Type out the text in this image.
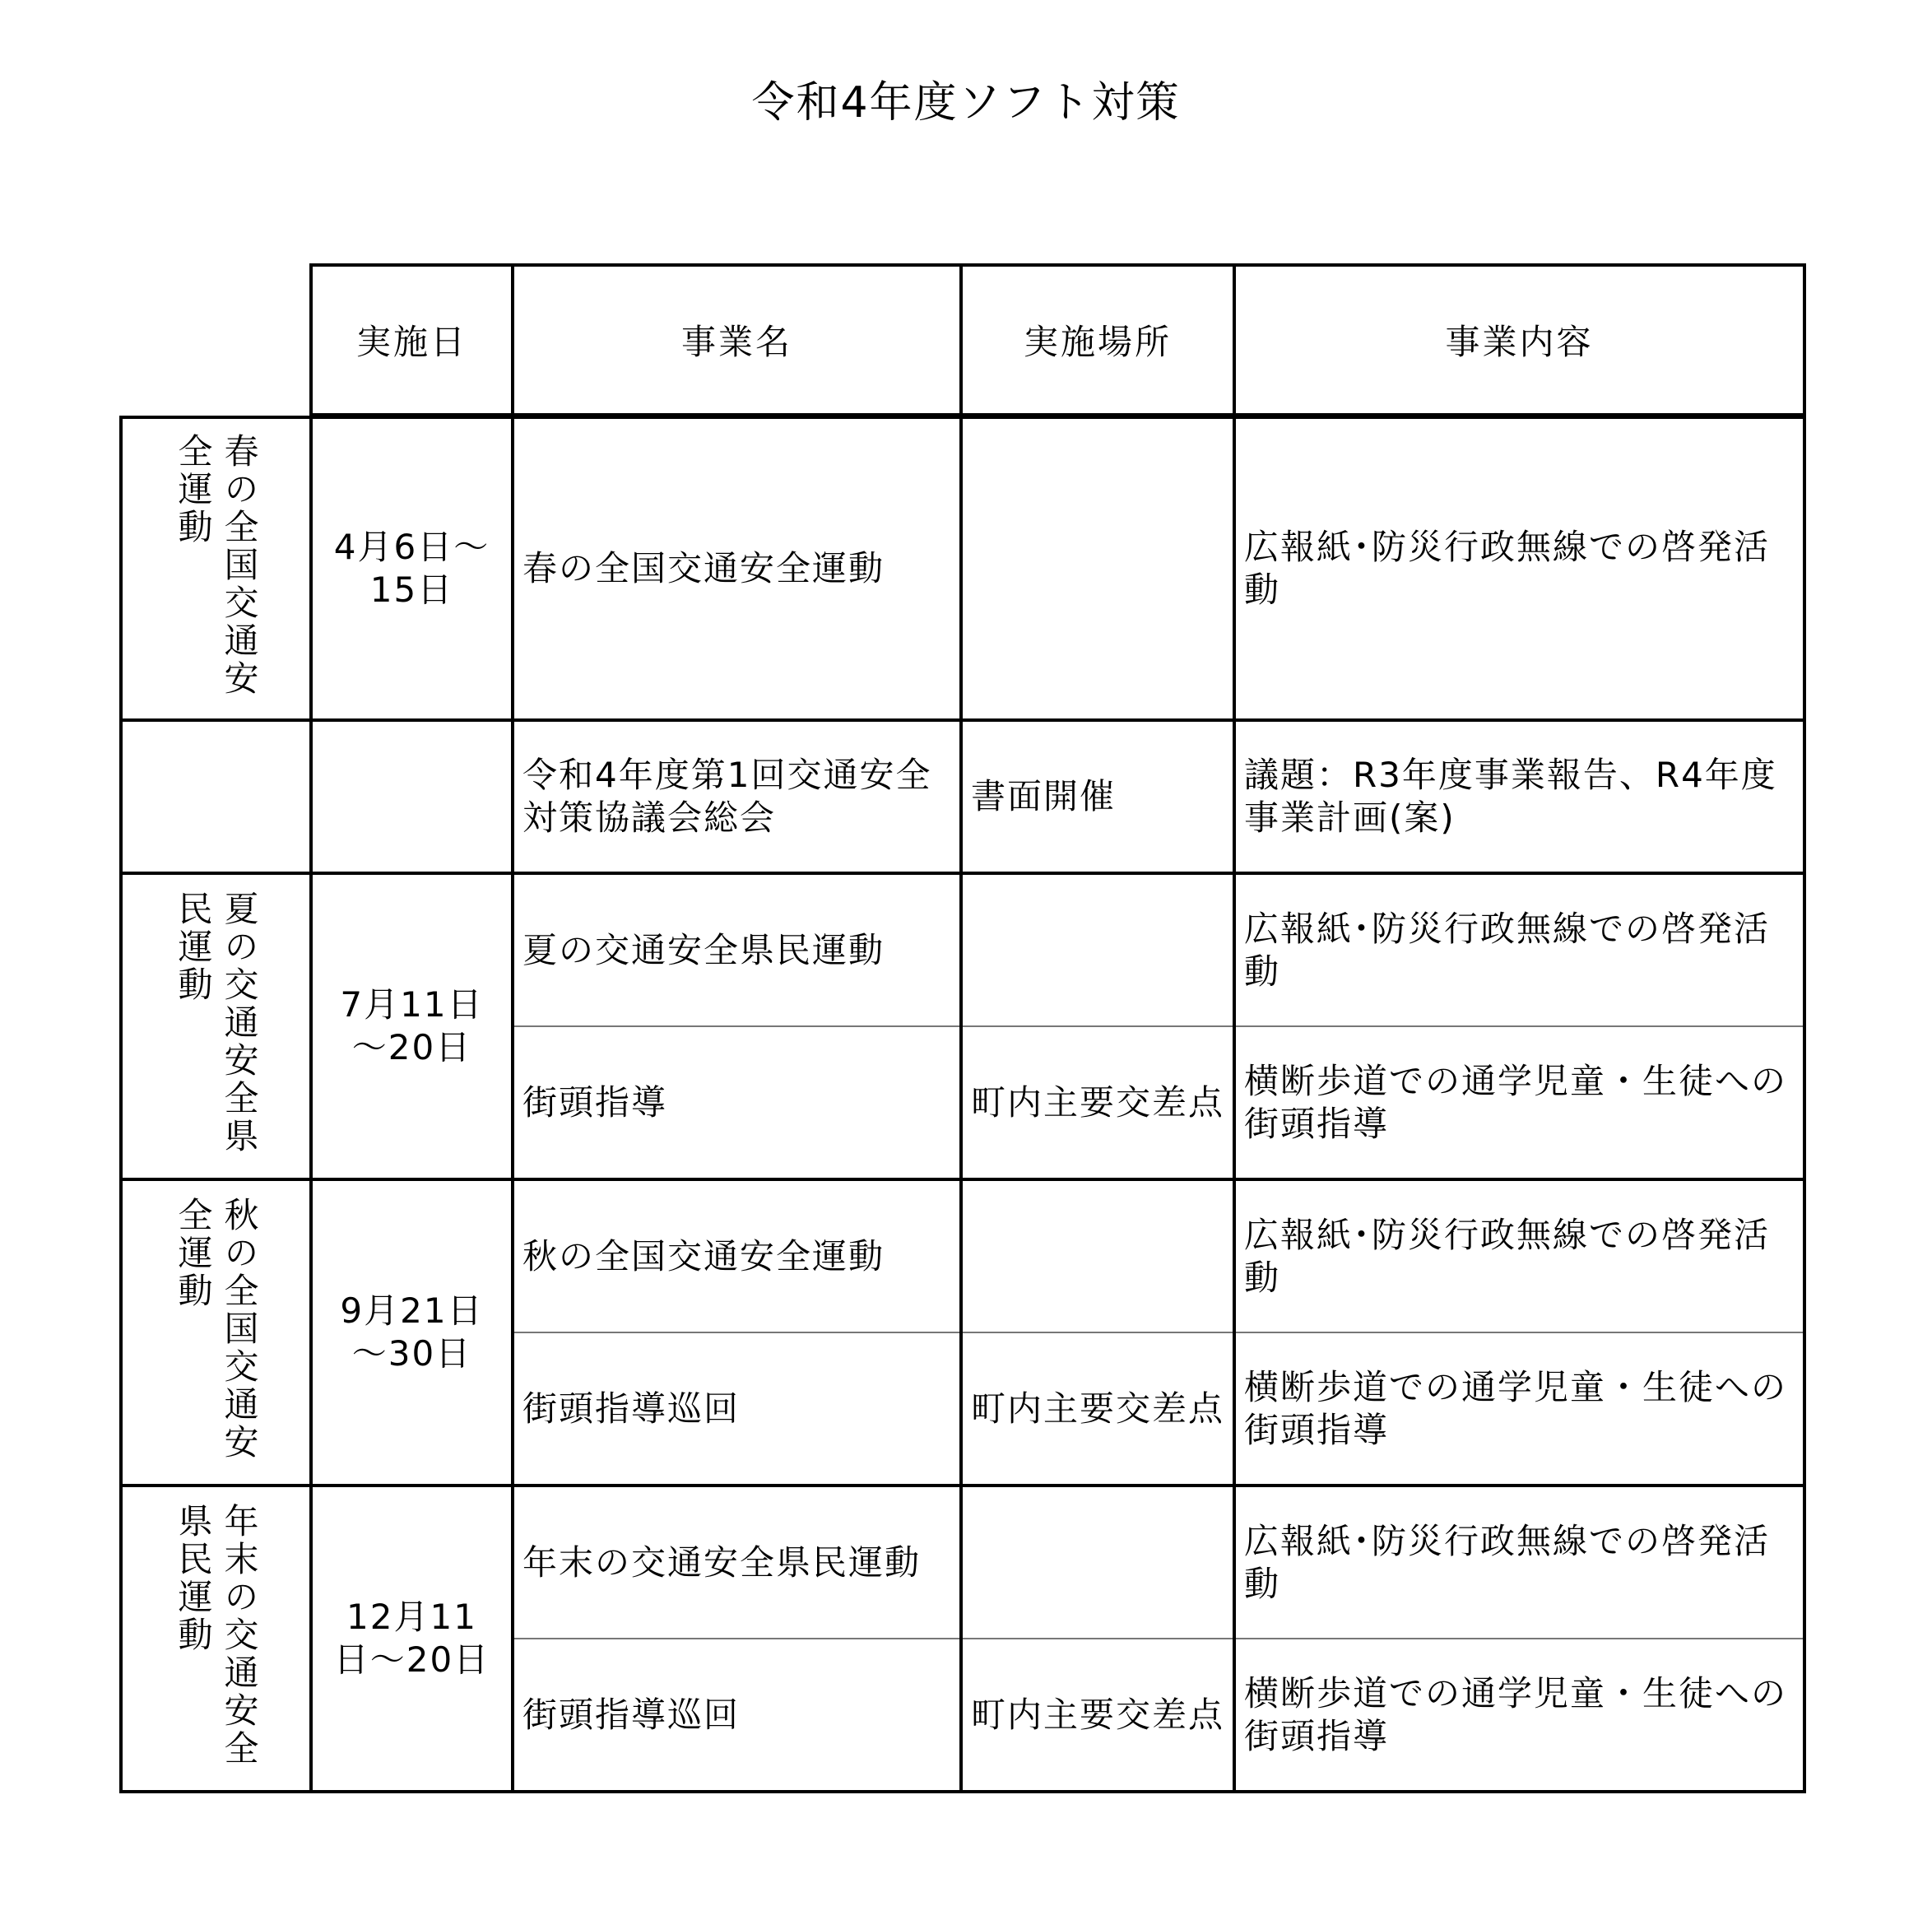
令和4年度ソフト対策
実施日	事業名	実施場所	事業内容
春の全国交通安全運動	4月6日～15日	春の全国交通安全運動		広報紙･防災行政無線での啓発活動
		令和4年度第1回交通安全対策協議会総会	書面開催	議題：R3年度事業報告、R4年度事業計画(案)

夏の交通安全県民運動	7月11日～20日	夏の交通安全県民運動		広報紙･防災行政無線での啓発活動
		街頭指導	町内主要交差点	横断歩道での通学児童・生徒への街頭指導

秋の全国交通安全運動	9月21日～30日	秋の全国交通安全運動		広報紙･防災行政無線での啓発活動
		街頭指導巡回	町内主要交差点	横断歩道での通学児童・生徒への街頭指導

年末の交通安全県民運動	12月11日～20日	年末の交通安全県民運動		広報紙･防災行政無線での啓発活動
		街頭指導巡回	町内主要交差点	横断歩道での通学児童・生徒への街頭指導
